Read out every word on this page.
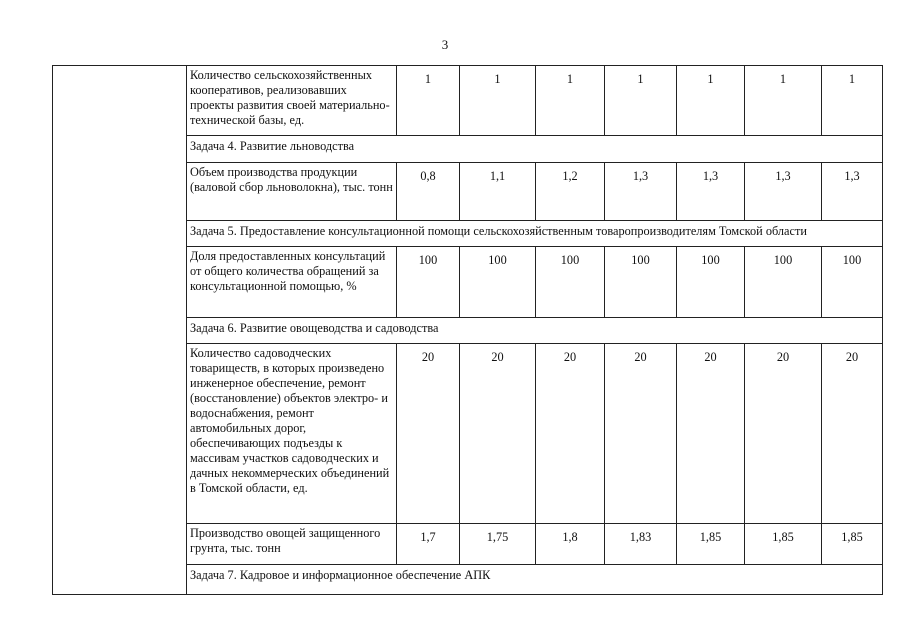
3
	Количество сельскохозяйственных кооперативов, реализовавших проекты развития своей материально-технической базы, ед.	1	1	1	1	1	1	1
	Задача 4. Развитие льноводства							
	Объем производства продукции (валовой сбор льноволокна), тыс. тонн	0,8	1,1	1,2	1,3	1,3	1,3	1,3
	Задача 5. Предоставление консультационной помощи сельскохозяйственным товаропроизводителям Томской области							
	Доля предоставленных консультаций от общего количества обращений за консультационной помощью, %	100	100	100	100	100	100	100
	Задача 6. Развитие овощеводства и садоводства							
	Количество садоводческих товариществ, в которых произведено инженерное обеспечение, ремонт (восстановление) объектов электро- и водоснабжения, ремонт автомобильных дорог, обеспечивающих подъезды к массивам участков садоводческих и дачных некоммерческих объединений в Томской области, ед.	20	20	20	20	20	20	20
	Производство овощей защищенного грунта, тыс. тонн	1,7	1,75	1,8	1,83	1,85	1,85	1,85
	Задача 7. Кадровое и информационное обеспечение АПК							
